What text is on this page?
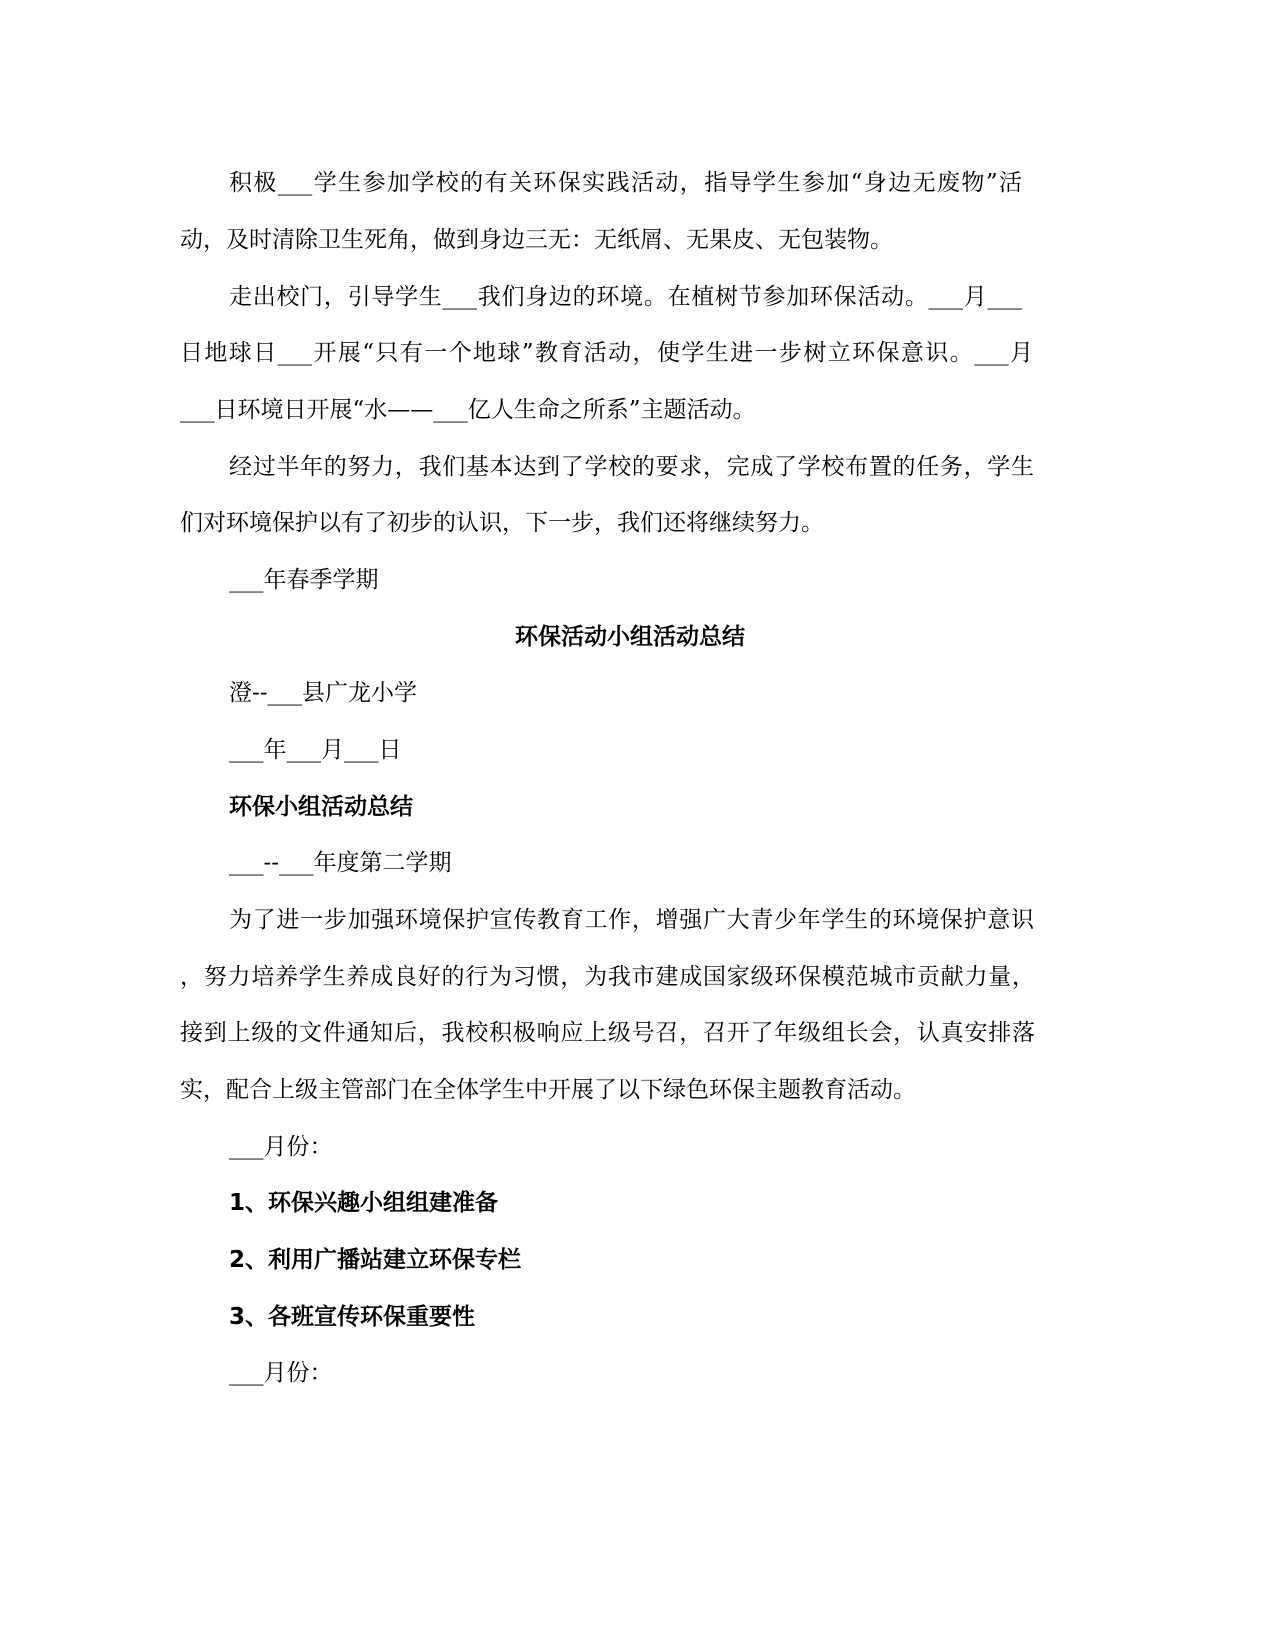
积极___学生参加学校的有关环保实践活动，指导学生参加“身边无废物”活
动，及时清除卫生死角，做到身边三无：无纸屑、无果皮、无包装物。
走出校门，引导学生___我们身边的环境。在植树节参加环保活动。___月___
日地球日___开展“只有一个地球”教育活动，使学生进一步树立环保意识。___月
___日环境日开展“水——___亿人生命之所系”主题活动。
经过半年的努力，我们基本达到了学校的要求，完成了学校布置的任务，学生
们对环境保护以有了初步的认识，下一步，我们还将继续努力。
___年春季学期
环保活动小组活动总结
澄--___县广龙小学
___年___月___日
环保小组活动总结
___--___年度第二学期
为了进一步加强环境保护宣传教育工作，增强广大青少年学生的环境保护意识
，努力培养学生养成良好的行为习惯，为我市建成国家级环保模范城市贡献力量，
接到上级的文件通知后，我校积极响应上级号召，召开了年级组长会，认真安排落
实，配合上级主管部门在全体学生中开展了以下绿色环保主题教育活动。
___月份：
1、环保兴趣小组组建准备
2、利用广播站建立环保专栏
3、各班宣传环保重要性
___月份：
